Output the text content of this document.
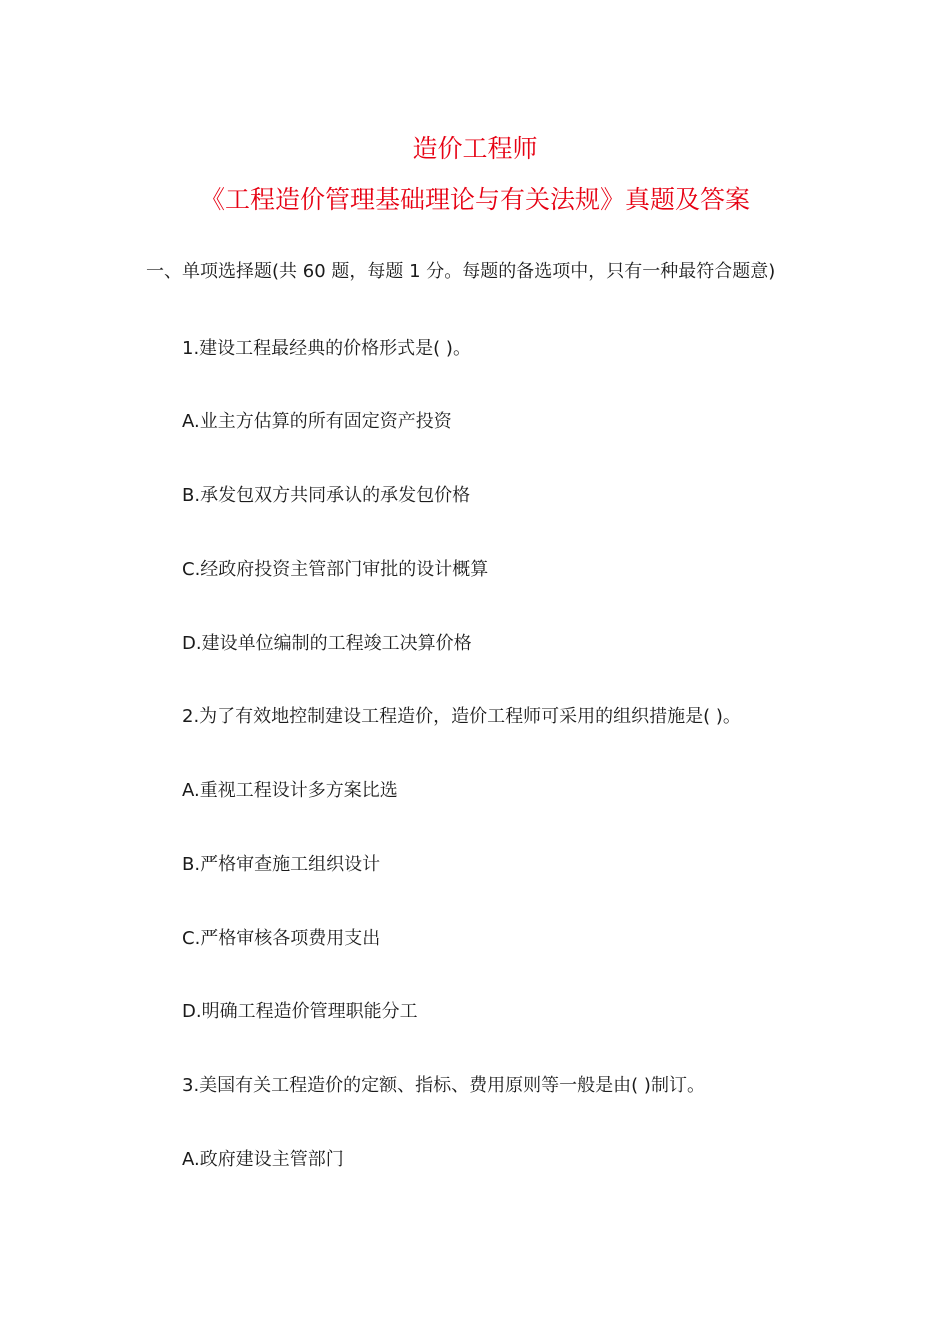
造价工程师
《工程造价管理基础理论与有关法规》真题及答案
一、单项选择题(共 60 题，每题 1 分。每题的备选项中，只有一种最符合题意)
1.建设工程最经典的价格形式是( )。
A.业主方估算的所有固定资产投资
B.承发包双方共同承认的承发包价格
C.经政府投资主管部门审批的设计概算
D.建设单位编制的工程竣工决算价格
2.为了有效地控制建设工程造价，造价工程师可采用的组织措施是( )。
A.重视工程设计多方案比选
B.严格审查施工组织设计
C.严格审核各项费用支出
D.明确工程造价管理职能分工
3.美国有关工程造价的定额、指标、费用原则等一般是由( )制订。
A.政府建设主管部门
